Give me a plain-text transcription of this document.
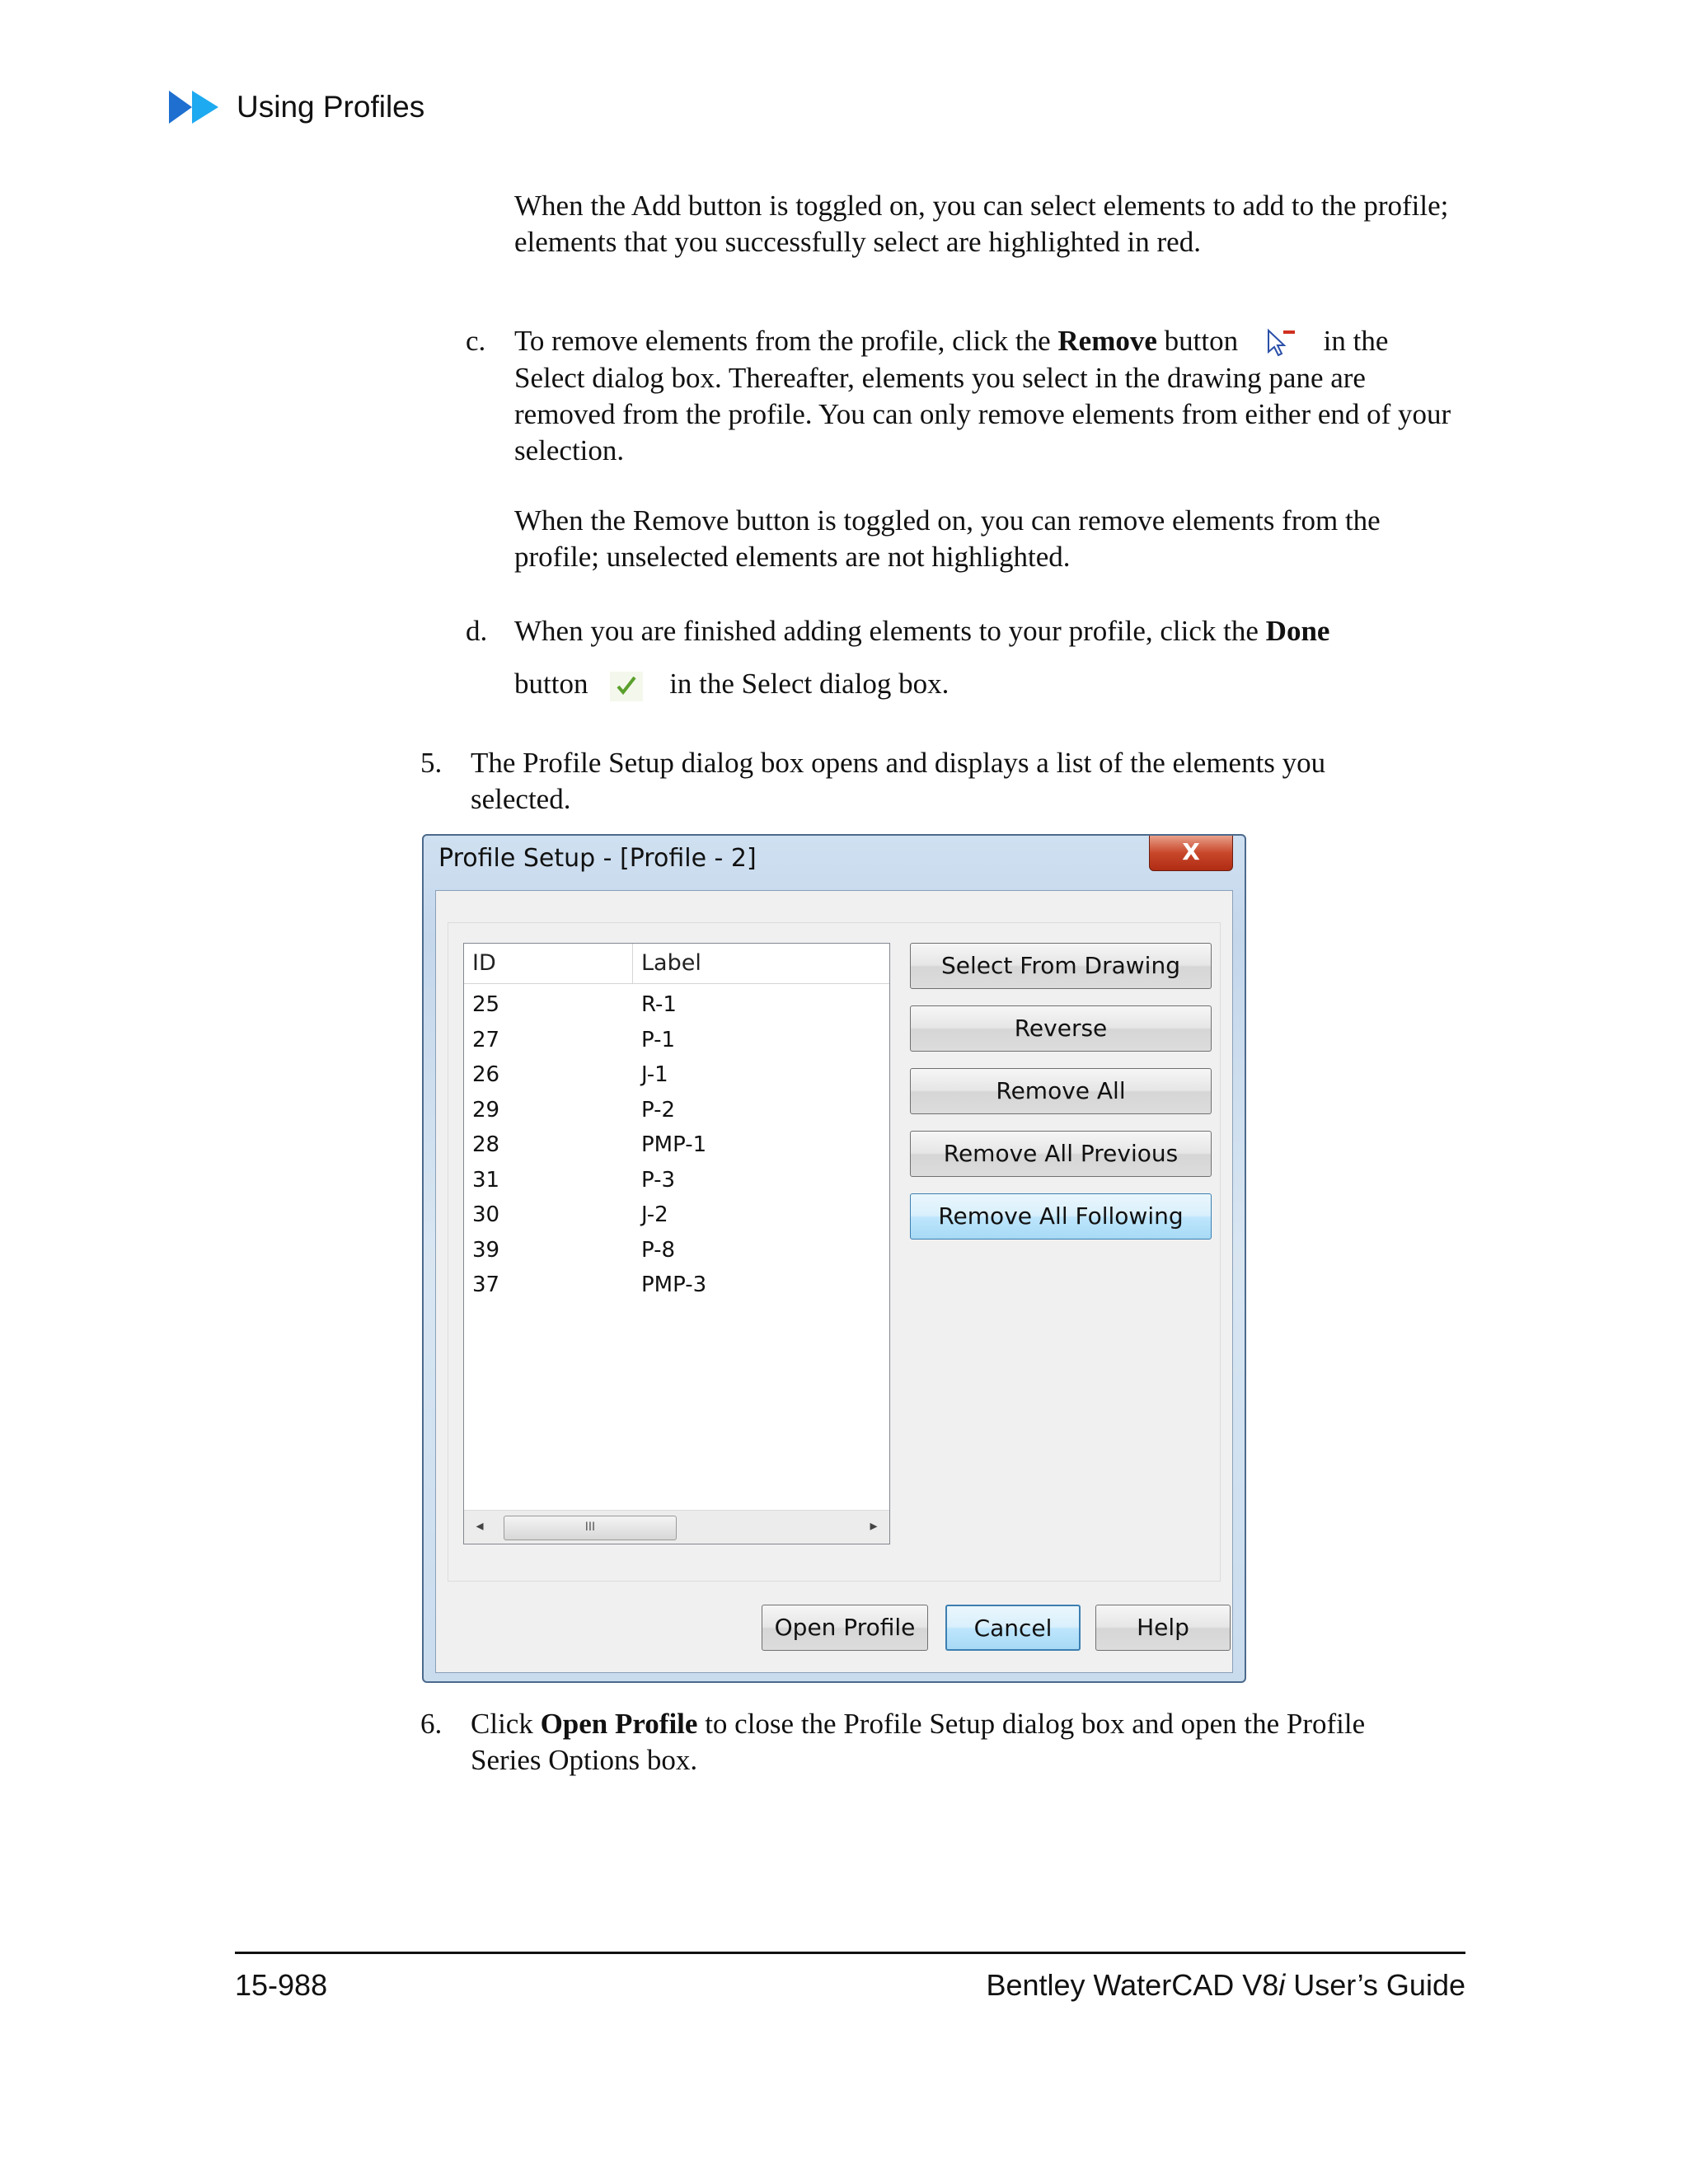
Using Profiles
When the Add button is toggled on, you can select elements to add to the profile; elements that you successfully select are highlighted in red.
c. To remove elements from the profile, click the Remove button	in the Select dialog box. Thereafter, elements you select in the drawing pane are removed from the profile. You can only remove elements from either end of your selection.
When the Remove button is toggled on, you can remove elements from the profile; unselected elements are not highlighted.
d. When you are finished adding elements to your profile, click the Done
button	in the Select dialog box.
5. The Profile Setup dialog box opens and displays a list of the elements you selected.
Profile Setup - [Profile - 2]	X
ID	Label
25	R-1
27	P-1
26	J-1
29	P-2
28	PMP-1
31	P-3
30	J-2
39	P-8
37	PMP-3
◂	III	▸
Select From Drawing
Reverse
Remove All
Remove All Previous
Remove All Following
Open Profile	Cancel	Help
6. Click Open Profile to close the Profile Setup dialog box and open the Profile Series Options box.
15-988	Bentley WaterCAD V8i User’s Guide
